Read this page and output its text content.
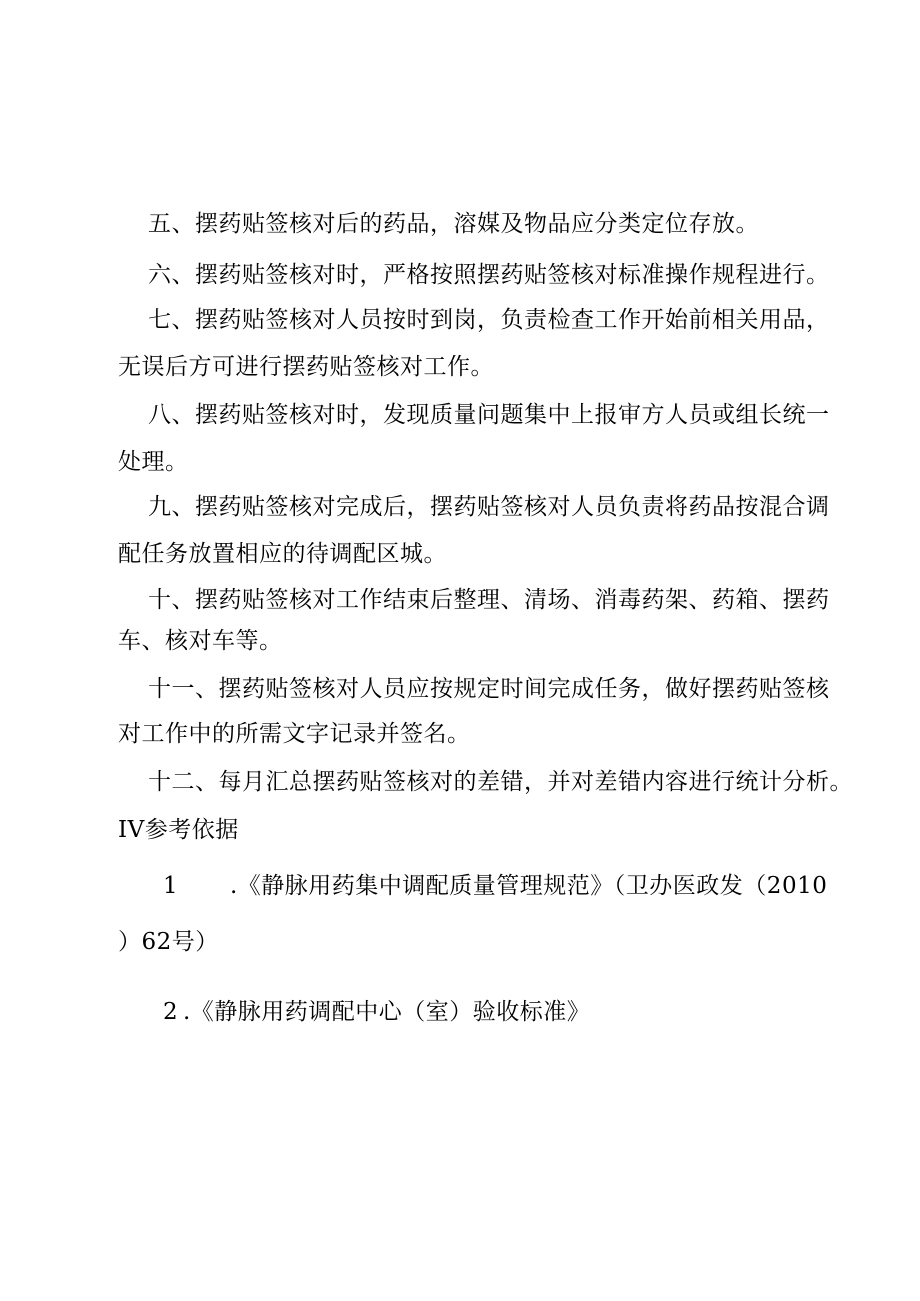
五、摆药贴签核对后的药品，溶媒及物品应分类定位存放。
六、摆药贴签核对时，严格按照摆药贴签核对标准操作规程进行。
七、摆药贴签核对人员按时到岗，负责检查工作开始前相关用品，
无误后方可进行摆药贴签核对工作。
八、摆药贴签核对时，发现质量问题集中上报审方人员或组长统一
处理。
九、摆药贴签核对完成后，摆药贴签核对人员负责将药品按混合调
配任务放置相应的待调配区城。
十、摆药贴签核对工作结束后整理、清场、消毒药架、药箱、摆药
车、核对车等。
十一、摆药贴签核对人员应按规定时间完成任务，做好摆药贴签核
对工作中的所需文字记录并签名。
十二、每月汇总摆药贴签核对的差错，并对差错内容进行统计分析。
IV参考依据
1 .《静脉用药集中调配质量管理规范》（卫办医政发（2010
）62号）
2 .《静脉用药调配中心（室）验收标准》
